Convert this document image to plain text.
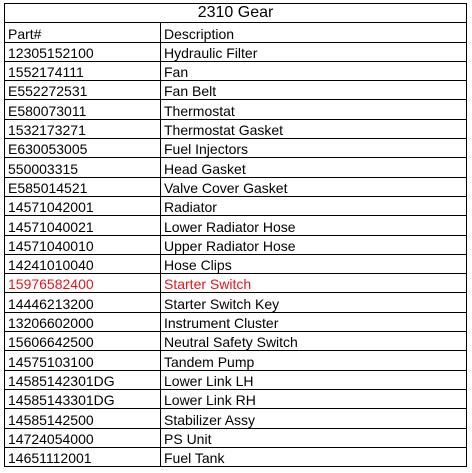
2310 Gear	
Part#	Description
12305152100	Hydraulic Filter
1552174111	Fan
E552272531	Fan Belt
E580073011	Thermostat
1532173271	Thermostat Gasket
E630053005	Fuel Injectors
550003315	Head Gasket
E585014521	Valve Cover Gasket
14571042001	Radiator
14571040021	Lower Radiator Hose
14571040010	Upper Radiator Hose
14241010040	Hose Clips
15976582400	Starter Switch
14446213200	Starter Switch Key
13206602000	Instrument Cluster
15606642500	Neutral Safety Switch
14575103100	Tandem Pump
14585142301DG	Lower Link LH
14585143301DG	Lower Link RH
14585142500	Stabilizer Assy
14724054000	PS Unit
14651112001	Fuel Tank
